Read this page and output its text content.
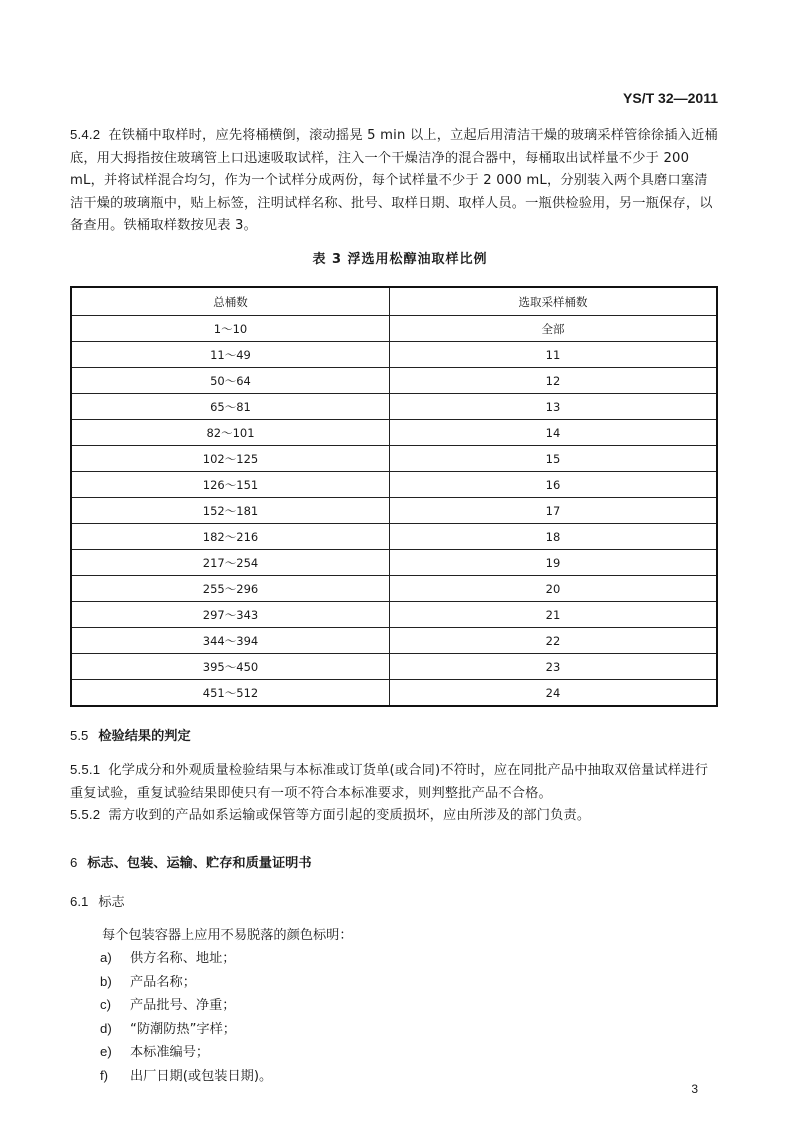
YS/T 32—2011
5.4.2 在铁桶中取样时，应先将桶横倒，滚动摇晃 5 min 以上，立起后用清洁干燥的玻璃采样管徐徐插入近桶底，用大拇指按住玻璃管上口迅速吸取试样，注入一个干燥洁净的混合器中，每桶取出试样量不少于 200 mL，并将试样混合均匀，作为一个试样分成两份，每个试样量不少于 2 000 mL，分别装入两个具磨口塞清洁干燥的玻璃瓶中，贴上标签，注明试样名称、批号、取样日期、取样人员。一瓶供检验用，另一瓶保存，以备查用。铁桶取样数按见表 3。
表 3 浮选用松醇油取样比例
总桶数	选取采样桶数
1～10	全部
11～49	11
50～64	12
65～81	13
82～101	14
102～125	15
126～151	16
152～181	17
182～216	18
217～254	19
255～296	20
297～343	21
344～394	22
395～450	23
451～512	24
5.5 检验结果的判定
5.5.1 化学成分和外观质量检验结果与本标准或订货单(或合同)不符时，应在同批产品中抽取双倍量试样进行重复试验，重复试验结果即使只有一项不符合本标准要求，则判整批产品不合格。
5.5.2 需方收到的产品如系运输或保管等方面引起的变质损坏，应由所涉及的部门负责。
6 标志、包装、运输、贮存和质量证明书
6.1 标志
每个包装容器上应用不易脱落的颜色标明：
a) 供方名称、地址；
b) 产品名称；
c) 产品批号、净重；
d) “防潮防热”字样；
e) 本标准编号；
f) 出厂日期(或包装日期)。
3
